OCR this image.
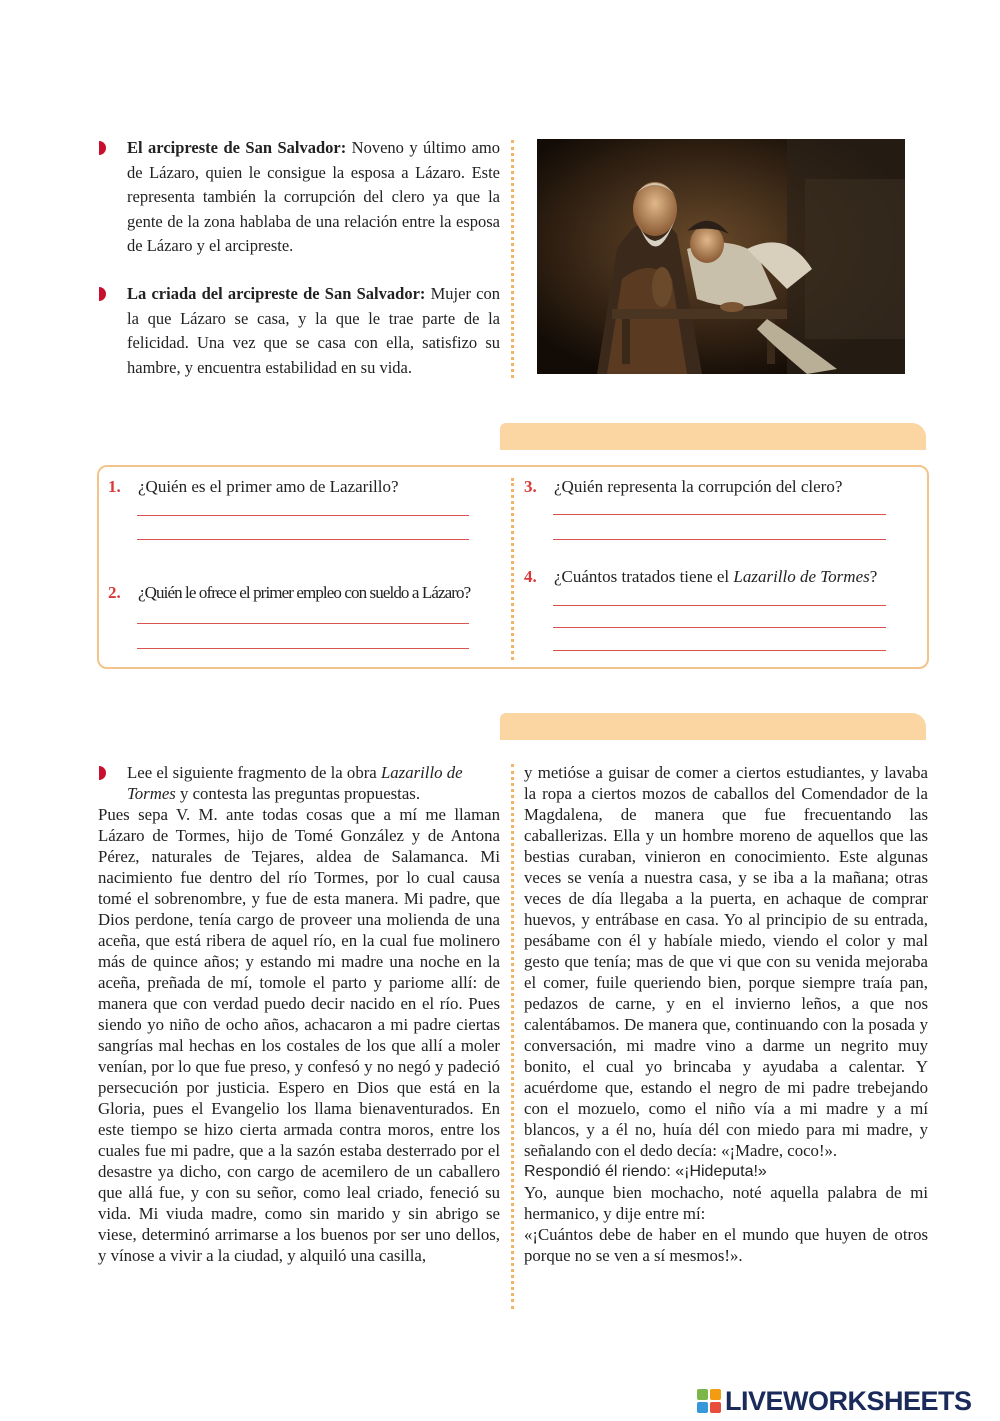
El arcipreste de San Salvador: Noveno y último amo de Lázaro, quien le consigue la esposa a Lázaro. Este representa también la corrupción del clero ya que la gente de la zona hablaba de una relación entre la esposa de Lázaro y el arcipreste.
La criada del arcipreste de San Salvador: Mujer con la que Lázaro se casa, y la que le trae parte de la felicidad. Una vez que se casa con ella, satisfizo su hambre, y encuentra estabilidad en su vida.
1. ¿Quién es el primer amo de Lazarillo?
2. ¿Quién le ofrece el primer empleo con sueldo a Lázaro?
3. ¿Quién representa la corrupción del clero?
4. ¿Cuántos tratados tiene el Lazarillo de Tormes?
Lee el siguiente fragmento de la obra Lazarillo de Tormes y contesta las preguntas propuestas.

Pues sepa V. M. ante todas cosas que a mí me llaman Lázaro de Tormes, hijo de Tomé González y de Antona Pérez, naturales de Tejares, aldea de Salamanca. Mi nacimiento fue dentro del río Tormes, por lo cual causa tomé el sobrenombre, y fue de esta manera. Mi padre, que Dios perdone, tenía cargo de proveer una molienda de una aceña, que está ribera de aquel río, en la cual fue molinero más de quince años; y estando mi madre una noche en la aceña, preñada de mí, tomole el parto y pariome allí: de manera que con verdad puedo decir nacido en el río. Pues siendo yo niño de ocho años, achacaron a mi padre ciertas sangrías mal hechas en los costales de los que allí a moler venían, por lo que fue preso, y confesó y no negó y padeció persecución por justicia. Espero en Dios que está en la Gloria, pues el Evangelio los llama bienaventurados. En este tiempo se hizo cierta armada contra moros, entre los cuales fue mi padre, que a la sazón estaba desterrado por el desastre ya dicho, con cargo de acemilero de un caballero que allá fue, y con su señor, como leal criado, feneció su vida. Mi viuda madre, como sin marido y sin abrigo se viese, determinó arrimarse a los buenos por ser uno dellos, y vínose a vivir a la ciudad, y alquiló una casilla,

y metióse a guisar de comer a ciertos estudiantes, y lavaba la ropa a ciertos mozos de caballos del Comendador de la Magdalena, de manera que fue frecuentando las caballerizas. Ella y un hombre moreno de aquellos que las bestias curaban, vinieron en conocimiento. Este algunas veces se venía a nuestra casa, y se iba a la mañana; otras veces de día llegaba a la puerta, en achaque de comprar huevos, y entrábase en casa. Yo al principio de su entrada, pesábame con él y habíale miedo, viendo el color y mal gesto que tenía; mas de que vi que con su venida mejoraba el comer, fuile queriendo bien, porque siempre traía pan, pedazos de carne, y en el invierno leños, a que nos calentábamos. De manera que, continuando con la posada y conversación, mi madre vino a darme un negrito muy bonito, el cual yo brincaba y ayudaba a calentar. Y acuérdome que, estando el negro de mi padre trebejando con el mozuelo, como el niño vía a mi madre y a mí blancos, y a él no, huía dél con miedo para mi madre, y señalando con el dedo decía: «¡Madre, coco!».

Respondió él riendo: «¡Hideputa!»

Yo, aunque bien mochacho, noté aquella palabra de mi hermanico, y dije entre mí:

«¡Cuántos debe de haber en el mundo que huyen de otros porque no se ven a sí mesmos!».

LIVEWORKSHEETS
